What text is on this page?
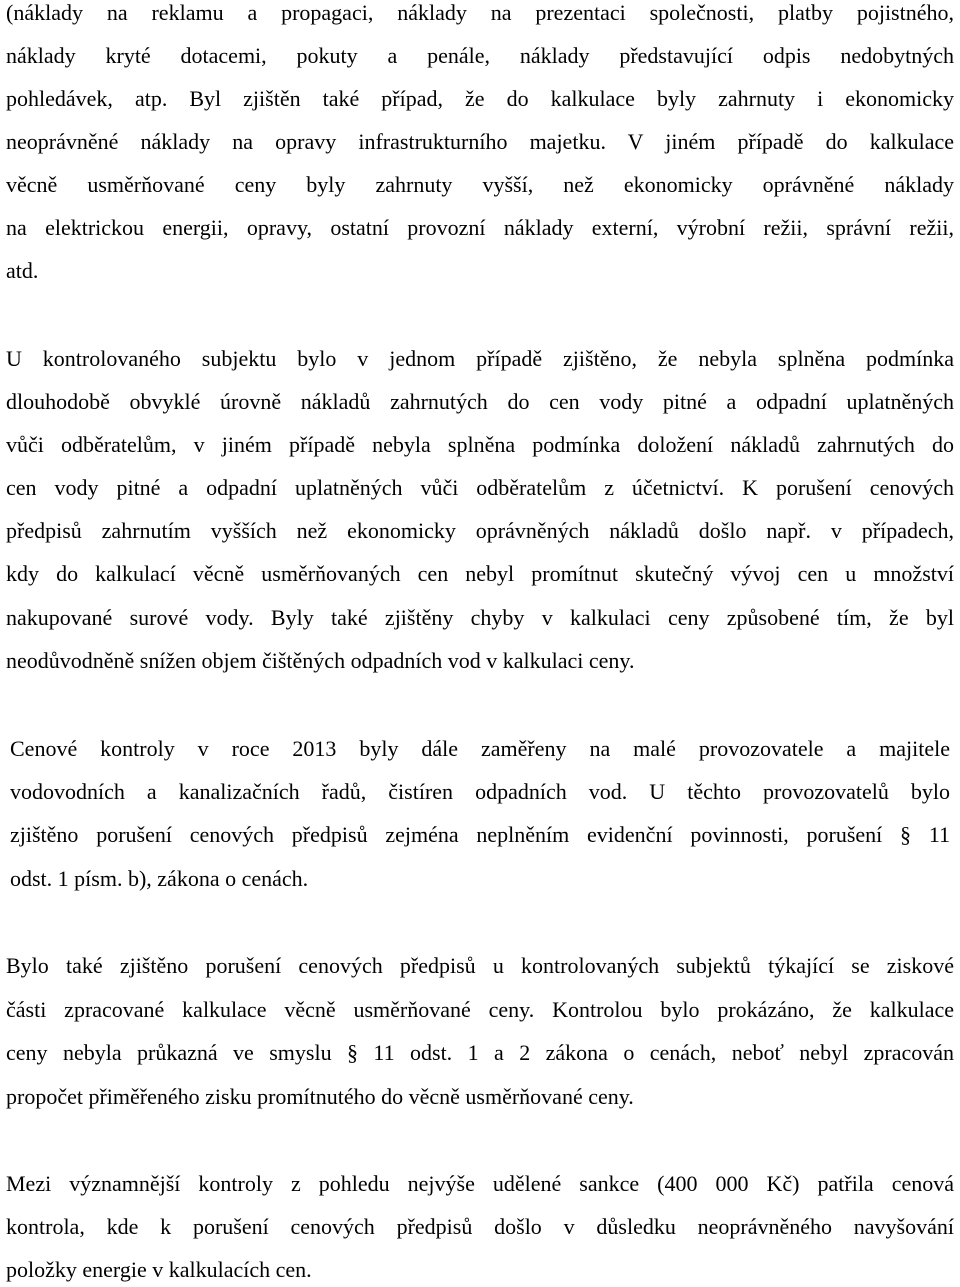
(náklady na reklamu a propagaci, náklady na prezentaci společnosti, platby pojistného,
náklady kryté dotacemi, pokuty a penále, náklady představující odpis nedobytných
pohledávek, atp. Byl zjištěn také případ, že do kalkulace byly zahrnuty i ekonomicky
neoprávněné náklady na opravy infrastrukturního majetku. V jiném případě do kalkulace
věcně usměrňované ceny byly zahrnuty vyšší, než ekonomicky oprávněné náklady
na elektrickou energii, opravy, ostatní provozní náklady externí, výrobní režii, správní režii,
atd.
U kontrolovaného subjektu bylo v jednom případě zjištěno, že nebyla splněna podmínka
dlouhodobě obvyklé úrovně nákladů zahrnutých do cen vody pitné a odpadní uplatněných
vůči odběratelům, v jiném případě nebyla splněna podmínka doložení nákladů zahrnutých do
cen vody pitné a odpadní uplatněných vůči odběratelům z účetnictví. K porušení cenových
předpisů zahrnutím vyšších než ekonomicky oprávněných nákladů došlo např. v případech,
kdy do kalkulací věcně usměrňovaných cen nebyl promítnut skutečný vývoj cen u množství
nakupované surové vody. Byly také zjištěny chyby v kalkulaci ceny způsobené tím, že byl
neodůvodněně snížen objem čištěných odpadních vod v kalkulaci ceny.
Cenové kontroly v roce 2013 byly dále zaměřeny na malé provozovatele a majitele
vodovodních a kanalizačních řadů, čistíren odpadních vod. U těchto provozovatelů bylo
zjištěno porušení cenových předpisů zejména neplněním evidenční povinnosti, porušení § 11
odst. 1 písm. b), zákona o cenách.
Bylo také zjištěno porušení cenových předpisů u kontrolovaných subjektů týkající se ziskové
části zpracované kalkulace věcně usměrňované ceny. Kontrolou bylo prokázáno, že kalkulace
ceny nebyla průkazná ve smyslu § 11 odst. 1 a 2 zákona o cenách, neboť nebyl zpracován
propočet přiměřeného zisku promítnutého do věcně usměrňované ceny.
Mezi významnější kontroly z pohledu nejvýše udělené sankce (400 000 Kč) patřila cenová
kontrola, kde k porušení cenových předpisů došlo v důsledku neoprávněného navyšování
položky energie v kalkulacích cen.
